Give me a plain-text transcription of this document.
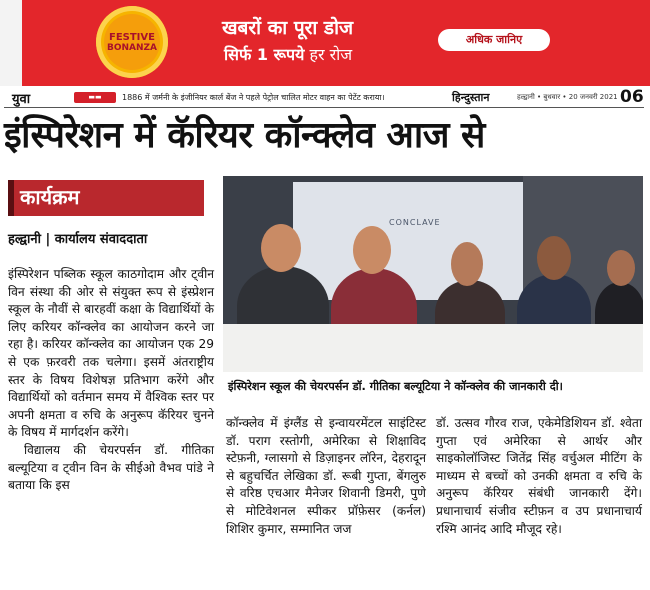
FESTIVE
BONANZA
खबरों का पूरा डोज
सिर्फ 1 रूपये हर रोज
अधिक जानिए
युवा	▬▬	1886 में जर्मनी के इंजीनियर कार्ल बेंज ने पहले पेट्रोल चालित मोटर वाहन का पेटेंट कराया।	हिन्दुस्तान	हल्द्वानी • बुधवार • 20 जनवरी 2021 •
06
इंस्पिरेशन में कॅरियर कॉन्क्लेव आज से
कार्यक्रम
हल्द्वानी | कार्यालय संवाददाता
CONCLAVE
इंस्पिरेशन स्कूल की चेयरपर्सन डॉ. गीतिका बल्यूटिया ने कॉन्क्लेव की जानकारी दी।

इंस्पिरेशन पब्लिक स्कूल काठगोदाम और ट्वीन विन संस्था की ओर से संयुक्त रूप से इंस्प्रेशन स्कूल के नौवीं से बारहवीं कक्षा के विद्यार्थियों के लिए करियर कॉन्क्लेव का आयोजन करने जा रहा है। करियर कॉन्क्लेव का आयोजन एक 29 से एक फ़रवरी तक चलेगा। इसमें अंतराष्ट्रीय स्तर के विषय विशेषज्ञ प्रतिभाग करेंगे और विद्यार्थियों को वर्तमान समय में वैश्विक स्तर पर अपनी क्षमता व रुचि के अनुरूप कॅरियर चुनने के विषय में मार्गदर्शन करेंगे।

विद्यालय की चेयरपर्सन डॉ. गीतिका बल्यूटिया व ट्वीन विन के सीईओ वैभव पांडे ने बताया कि इस

कॉन्क्लेव में इंग्लैंड से इन्वायरमेंटल साइंटिस्ट डॉ. पराग रस्तोगी, अमेरिका से शिक्षाविद स्टेफ़नी, ग्लासगो से डिज़ाइनर लॉरेन, देहरादून से बहुचर्चित लेखिका डॉ. रूबी गुप्ता, बेंगलुरु से वरिष्ठ एचआर मैनेजर शिवानी डिमरी, पुणे से मोटिवेशनल स्पीकर प्रॉफ़ेसर (कर्नल) शिशिर कुमार, सम्मानित जज

डॉ. उत्सव गौरव राज, एकेमेडिशियन डॉ. श्वेता गुप्ता एवं अमेरिका से आर्थर और साइकोलॉजिस्ट जितेंद्र सिंह वर्चुअल मीटिंग के माध्यम से बच्चों को उनकी क्षमता व रुचि के अनुरूप कॅरियर संबंधी जानकारी देंगे। प्रधानाचार्य संजीव स्टीफ़न व उप प्रधानाचार्य रश्मि आनंद आदि मौजूद रहे।
